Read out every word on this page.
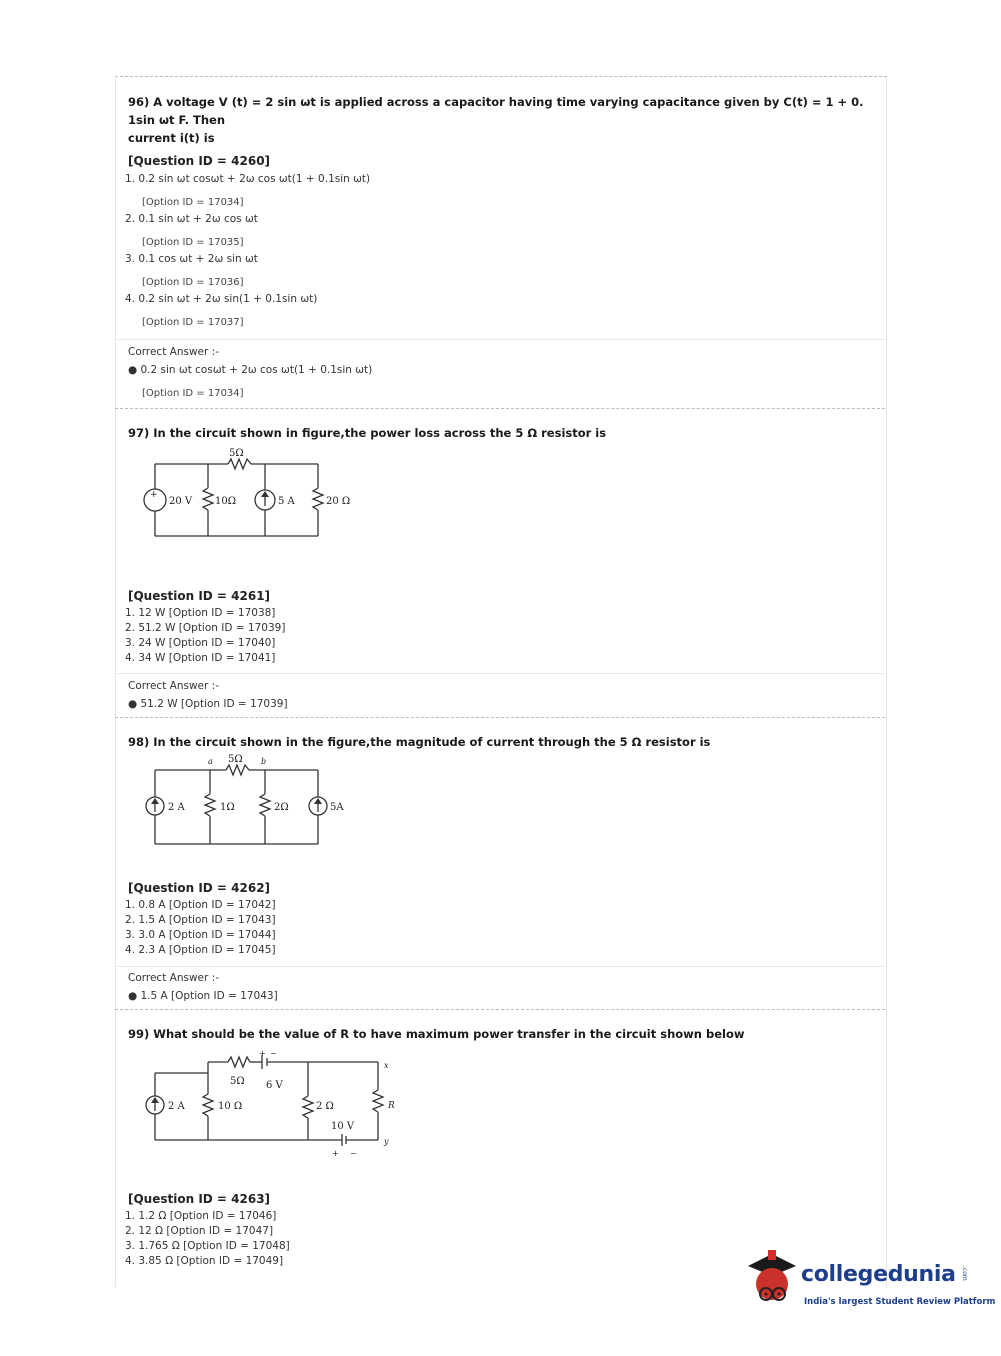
96) A voltage V (t) = 2 sin ωt is applied across a capacitor having time varying capacitance given by C(t) = 1 + 0. 1sin ωt F. Then
current i(t) is
[Question ID = 4260]
1. 0.2 sin ωt cosωt + 2ω cos ωt(1 + 0.1sin ωt)
[Option ID = 17034]
2. 0.1 sin ωt + 2ω cos ωt
[Option ID = 17035]
3. 0.1 cos ωt + 2ω sin ωt
[Option ID = 17036]
4. 0.2 sin ωt + 2ω sin(1 + 0.1sin ωt)
[Option ID = 17037]
Correct Answer :-
● 0.2 sin ωt cosωt + 2ω cos ωt(1 + 0.1sin ωt)
[Option ID = 17034]
97) In the circuit shown in figure,the power loss across the 5 Ω resistor is
+
5Ω
20 V 10Ω	5 A	20 Ω
[Question ID = 4261]
1. 12 W [Option ID = 17038]
2. 51.2 W [Option ID = 17039]
3. 24 W [Option ID = 17040]
4. 34 W [Option ID = 17041]
Correct Answer :-
● 51.2 W [Option ID = 17039]
98) In the circuit shown in the figure,the magnitude of current through the 5 Ω resistor is
a 5Ω b
2 A	1Ω	2Ω	5A
[Question ID = 4262]
1. 0.8 A [Option ID = 17042]
2. 1.5 A [Option ID = 17043]
3. 3.0 A [Option ID = 17044]
4. 2.3 A [Option ID = 17045]
Correct Answer :-
● 1.5 A [Option ID = 17043]
99) What should be the value of R to have maximum power transfer in the circuit shown below
+ −
5Ω 6 V
2 A	10 Ω	2 Ω
10 V
+ −
R
x
y
[Question ID = 4263]
1. 1.2 Ω [Option ID = 17046]
2. 12 Ω [Option ID = 17047]
3. 1.765 Ω [Option ID = 17048]
4. 3.85 Ω [Option ID = 17049]
collegedunia .com
India's largest Student Review Platform
